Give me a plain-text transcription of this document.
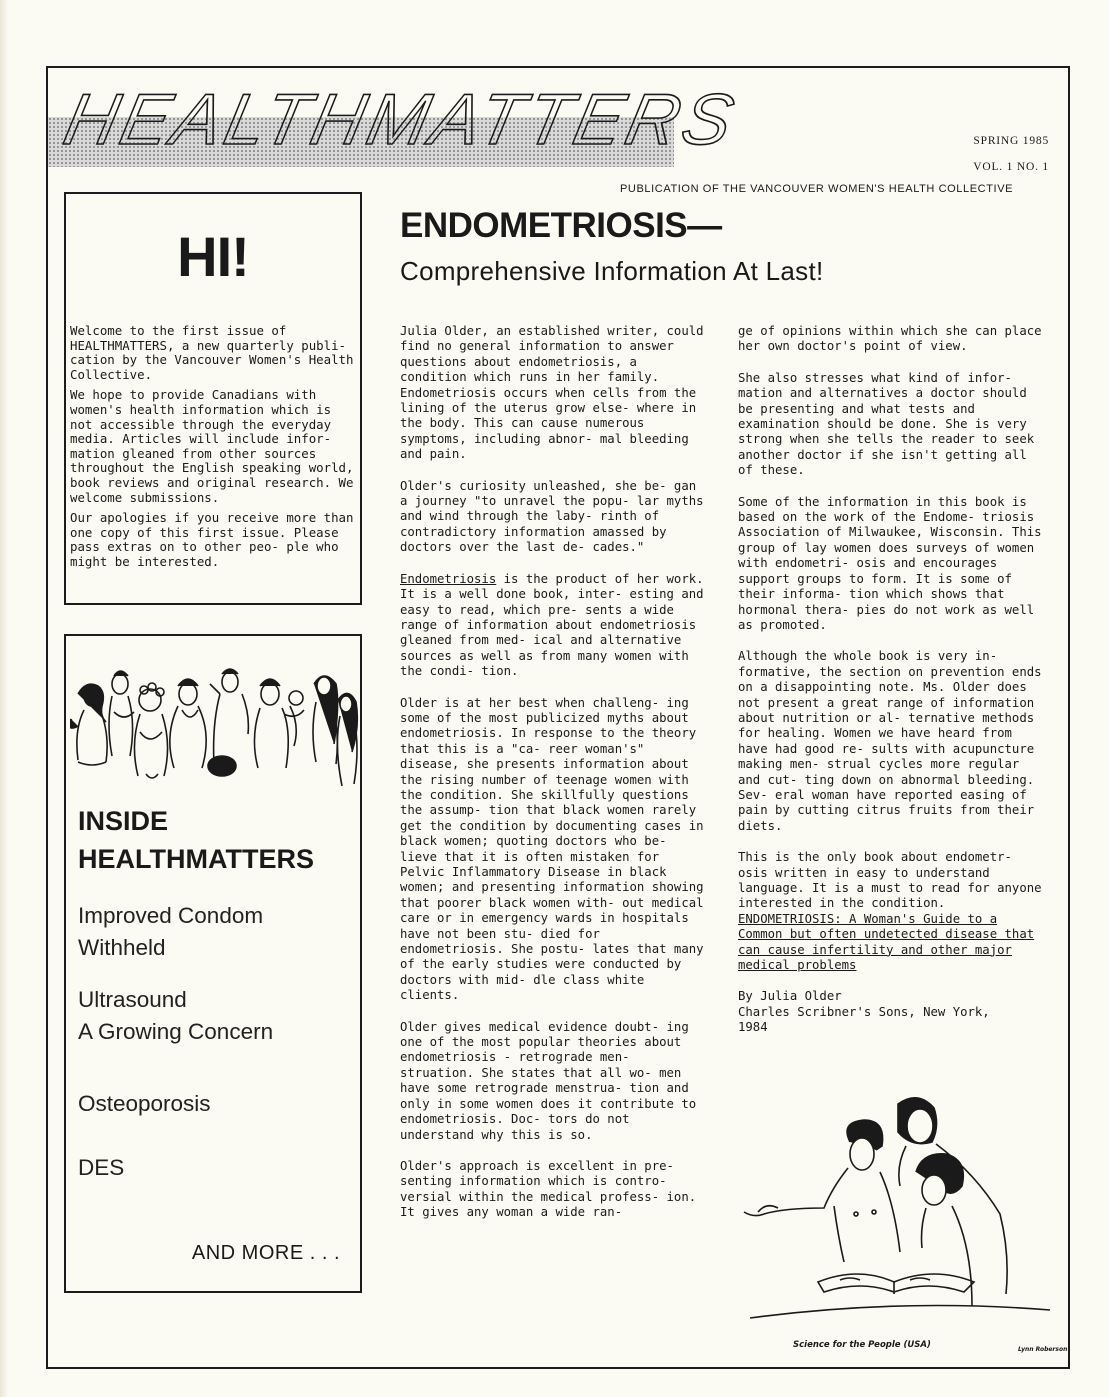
HEALTHMATTERS	SPRING 1985
VOL. 1 NO. 1
PUBLICATION OF THE VANCOUVER WOMEN'S HEALTH COLLECTIVE
HI!

Welcome to the first issue of HEALTHMATTERS, a new quarterly publi- cation by the Vancouver Women's Health Collective.

We hope to provide Canadians with women's health information which is not accessible through the everyday media. Articles will include infor- mation gleaned from other sources throughout the English speaking world, book reviews and original research. We welcome submissions.

Our apologies if you receive more than one copy of this first issue. Please pass extras on to other peo- ple who might be interested.

INSIDE
HEALTHMATTERS
Improved Condom
Withheld
Ultrasound
A Growing Concern
Osteoporosis
DES
AND MORE . . .
ENDOMETRIOSIS—
Comprehensive Information At Last!

Julia Older, an established writer, could find no general information to answer questions about endometriosis, a condition which runs in her family. Endometriosis occurs when cells from the lining of the uterus grow else- where in the body. This can cause numerous symptoms, including abnor- mal bleeding and pain.

Older's curiosity unleashed, she be- gan a journey "to unravel the popu- lar myths and wind through the laby- rinth of contradictory information amassed by doctors over the last de- cades."

Endometriosis is the product of her work. It is a well done book, inter- esting and easy to read, which pre- sents a wide range of information about endometriosis gleaned from med- ical and alternative sources as well as from many women with the condi- tion.

Older is at her best when challeng- ing some of the most publicized myths about endometriosis. In response to the theory that this is a "ca- reer woman's" disease, she presents information about the rising number of teenage women with the condition. She skillfully questions the assump- tion that black women rarely get the condition by documenting cases in black women; quoting doctors who be- lieve that it is often mistaken for Pelvic Inflammatory Disease in black women; and presenting information showing that poorer black women with- out medical care or in emergency wards in hospitals have not been stu- died for endometriosis. She postu- lates that many of the early studies were conducted by doctors with mid- dle class white clients.

Older gives medical evidence doubt- ing one of the most popular theories about endometriosis - retrograde men- struation. She states that all wo- men have some retrograde menstrua- tion and only in some women does it contribute to endometriosis. Doc- tors do not understand why this is so.

Older's approach is excellent in pre- senting information which is contro- versial within the medical profess- ion. It gives any woman a wide ran-

ge of opinions within which she can place her own doctor's point of view.

She also stresses what kind of infor- mation and alternatives a doctor should be presenting and what tests and examination should be done. She is very strong when she tells the reader to seek another doctor if she isn't getting all of these.

Some of the information in this book is based on the work of the Endome- triosis Association of Milwaukee, Wisconsin. This group of lay women does surveys of women with endometri- osis and encourages support groups to form. It is some of their informa- tion which shows that hormonal thera- pies do not work as well as promoted.

Although the whole book is very in- formative, the section on prevention ends on a disappointing note. Ms. Older does not present a great range of information about nutrition or al- ternative methods for healing. Women we have heard from have had good re- sults with acupuncture making men- strual cycles more regular and cut- ting down on abnormal bleeding. Sev- eral woman have reported easing of pain by cutting citrus fruits from their diets.

This is the only book about endometr- osis written in easy to understand language. It is a must to read for anyone interested in the condition.

ENDOMETRIOSIS: A Woman's Guide to a Common but often undetected disease that can cause infertility and other major medical problems

By Julia Older
Charles Scribner's Sons, New York,
1984
Science for the People (USA)	Lynn Roberson
